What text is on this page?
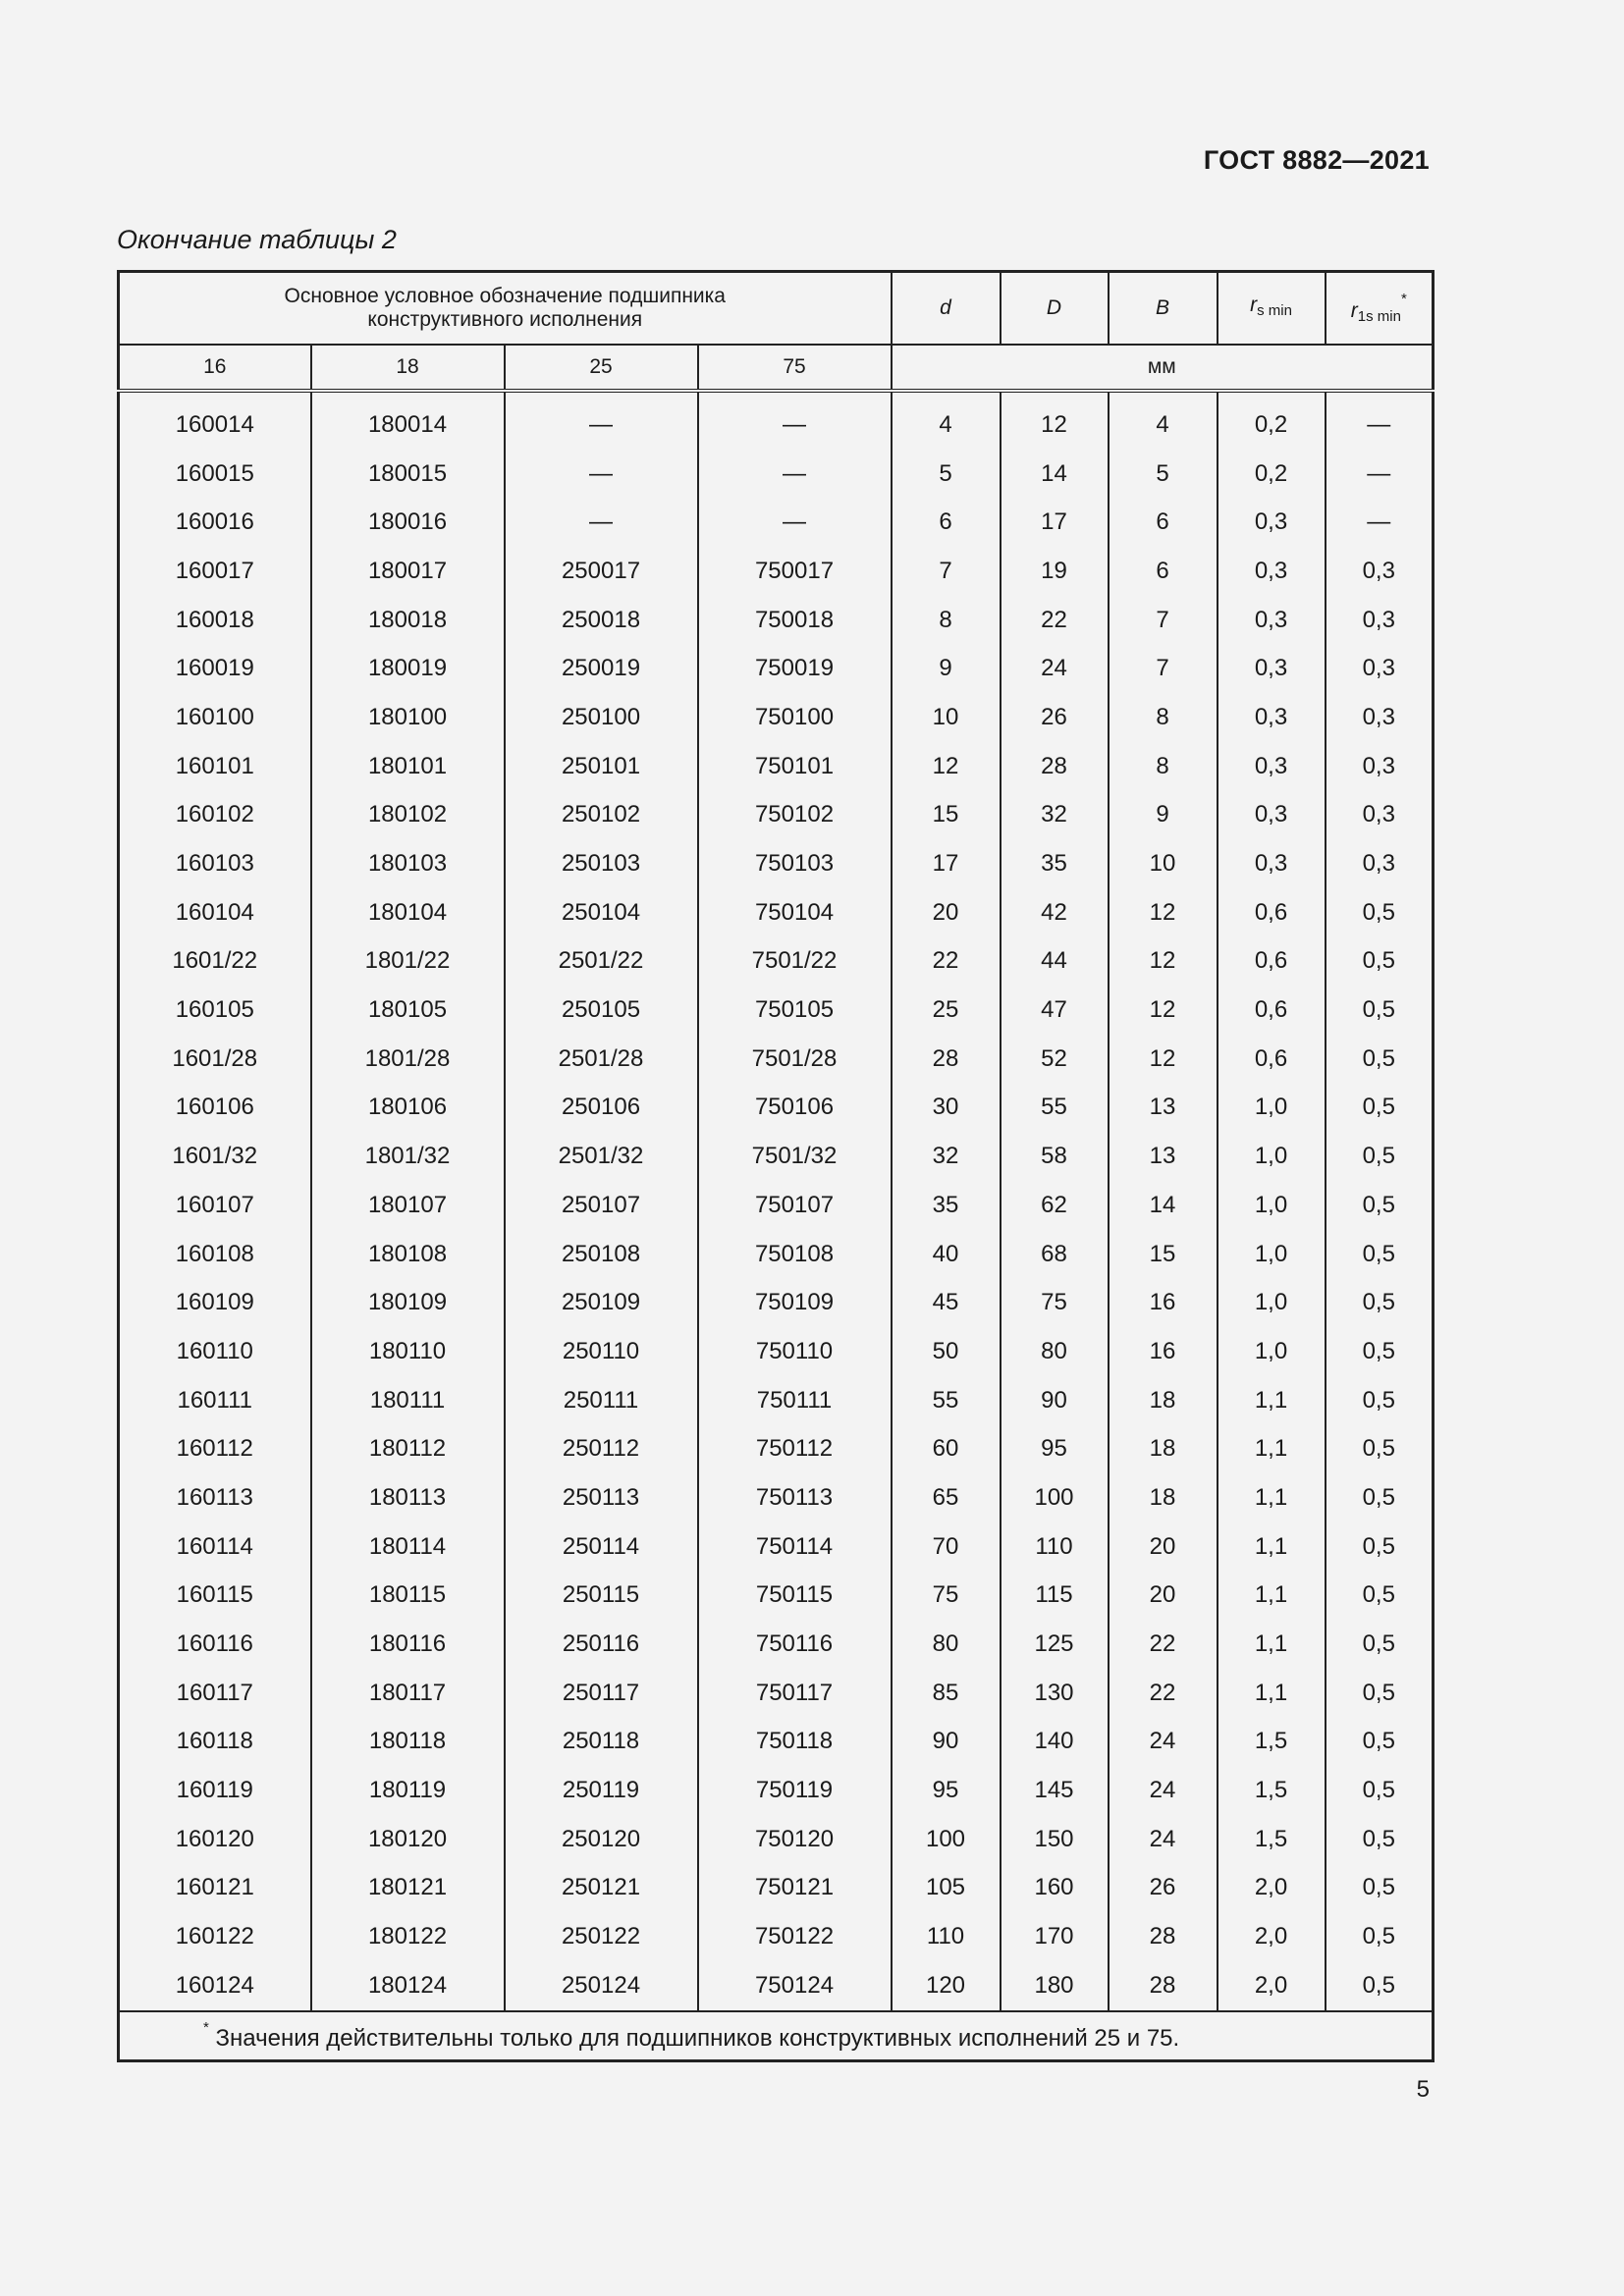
ГОСТ 8882—2021
Окончание таблицы 2
Основное условное обозначение подшипника
конструктивного исполнения				d	D	B	$r_{s min}$	$r_{1s min}^*$
16	18	25	75	мм				
160014	180014	—	—	4	12	4	0,2	—
160015	180015	—	—	5	14	5	0,2	—
160016	180016	—	—	6	17	6	0,3	—
160017	180017	250017	750017	7	19	6	0,3	0,3
160018	180018	250018	750018	8	22	7	0,3	0,3
160019	180019	250019	750019	9	24	7	0,3	0,3
160100	180100	250100	750100	10	26	8	0,3	0,3
160101	180101	250101	750101	12	28	8	0,3	0,3
160102	180102	250102	750102	15	32	9	0,3	0,3
160103	180103	250103	750103	17	35	10	0,3	0,3
160104	180104	250104	750104	20	42	12	0,6	0,5
1601/22	1801/22	2501/22	7501/22	22	44	12	0,6	0,5
160105	180105	250105	750105	25	47	12	0,6	0,5
1601/28	1801/28	2501/28	7501/28	28	52	12	0,6	0,5
160106	180106	250106	750106	30	55	13	1,0	0,5
1601/32	1801/32	2501/32	7501/32	32	58	13	1,0	0,5
160107	180107	250107	750107	35	62	14	1,0	0,5
160108	180108	250108	750108	40	68	15	1,0	0,5
160109	180109	250109	750109	45	75	16	1,0	0,5
160110	180110	250110	750110	50	80	16	1,0	0,5
160111	180111	250111	750111	55	90	18	1,1	0,5
160112	180112	250112	750112	60	95	18	1,1	0,5
160113	180113	250113	750113	65	100	18	1,1	0,5
160114	180114	250114	750114	70	110	20	1,1	0,5
160115	180115	250115	750115	75	115	20	1,1	0,5
160116	180116	250116	750116	80	125	22	1,1	0,5
160117	180117	250117	750117	85	130	22	1,1	0,5
160118	180118	250118	750118	90	140	24	1,5	0,5
160119	180119	250119	750119	95	145	24	1,5	0,5
160120	180120	250120	750120	100	150	24	1,5	0,5
160121	180121	250121	750121	105	160	26	2,0	0,5
160122	180122	250122	750122	110	170	28	2,0	0,5
160124	180124	250124	750124	120	180	28	2,0	0,5
* Значения действительны только для подшипников конструктивных исполнений 25 и 75.								
5
